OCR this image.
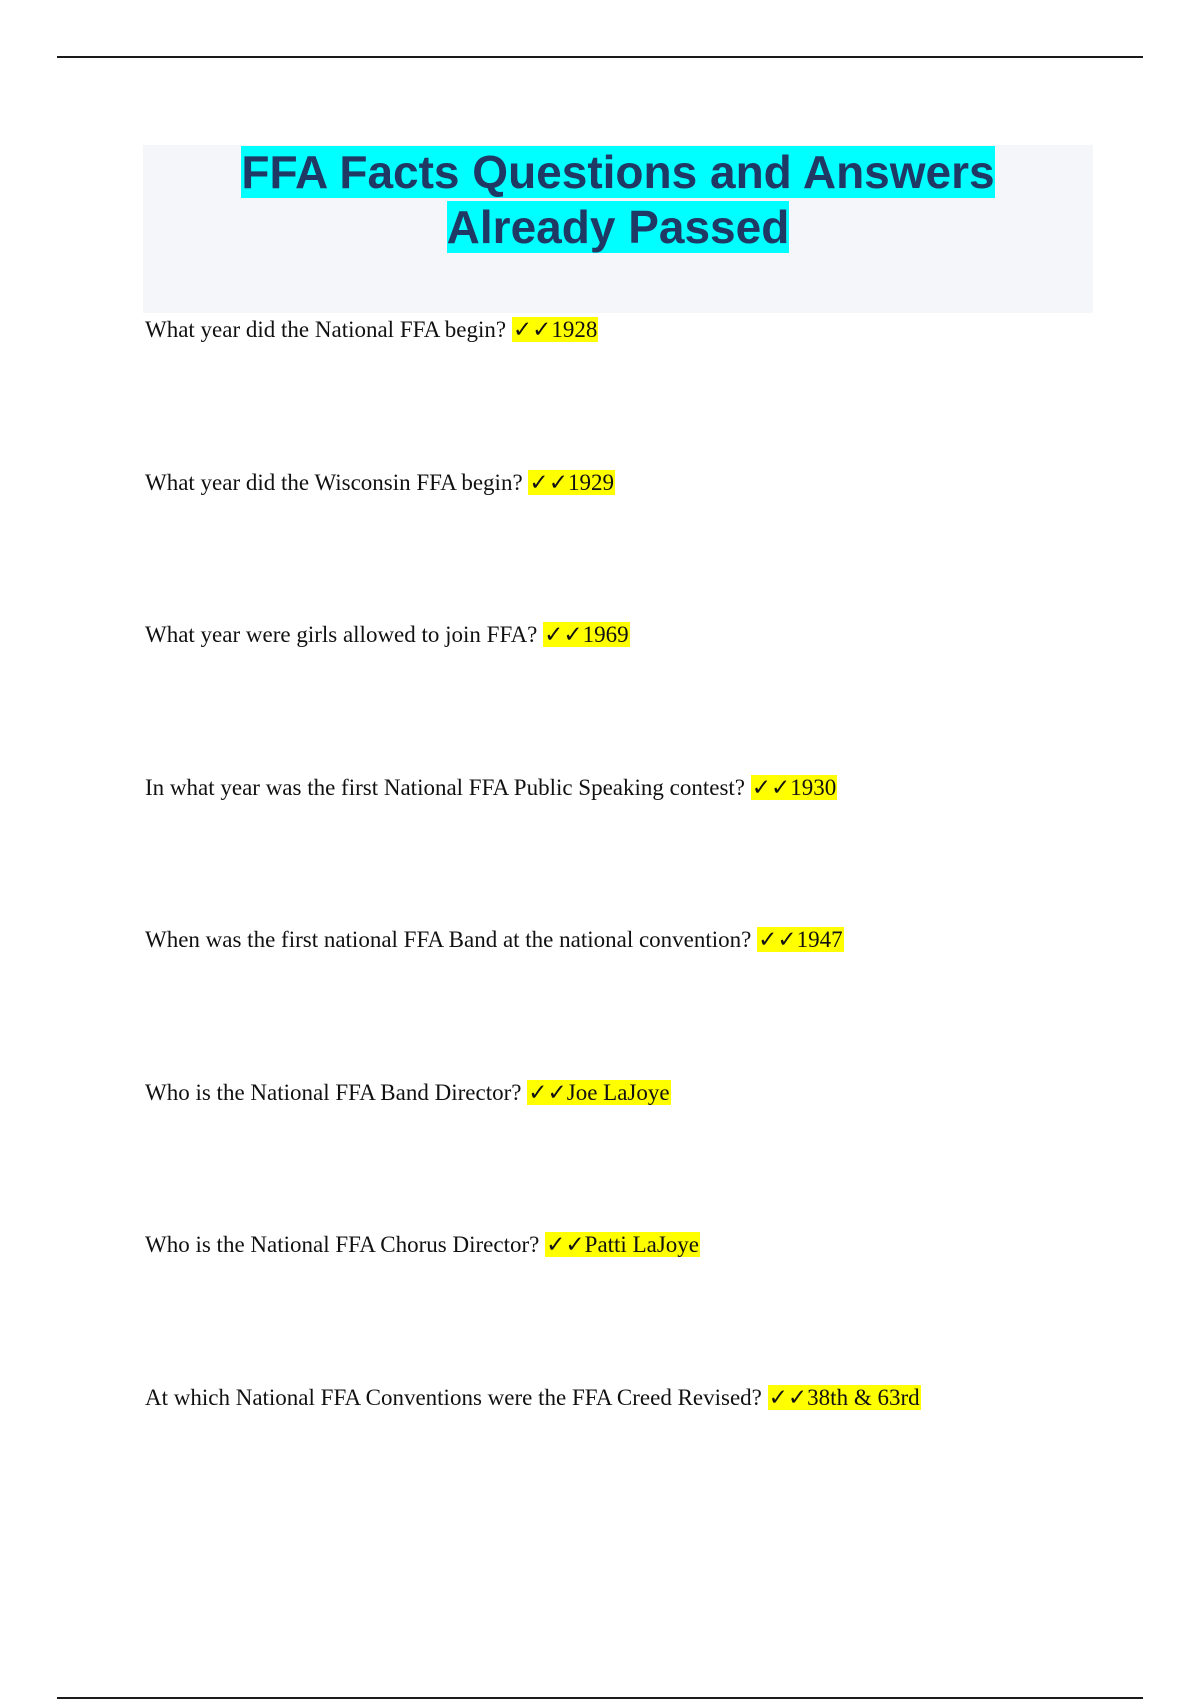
FFA Facts Questions and Answers
Already Passed
What year did the National FFA begin? ✓✓1928
What year did the Wisconsin FFA begin? ✓✓1929
What year were girls allowed to join FFA? ✓✓1969
In what year was the first National FFA Public Speaking contest? ✓✓1930
When was the first national FFA Band at the national convention? ✓✓1947
Who is the National FFA Band Director? ✓✓Joe LaJoye
Who is the National FFA Chorus Director? ✓✓Patti LaJoye
At which National FFA Conventions were the FFA Creed Revised? ✓✓38th & 63rd
